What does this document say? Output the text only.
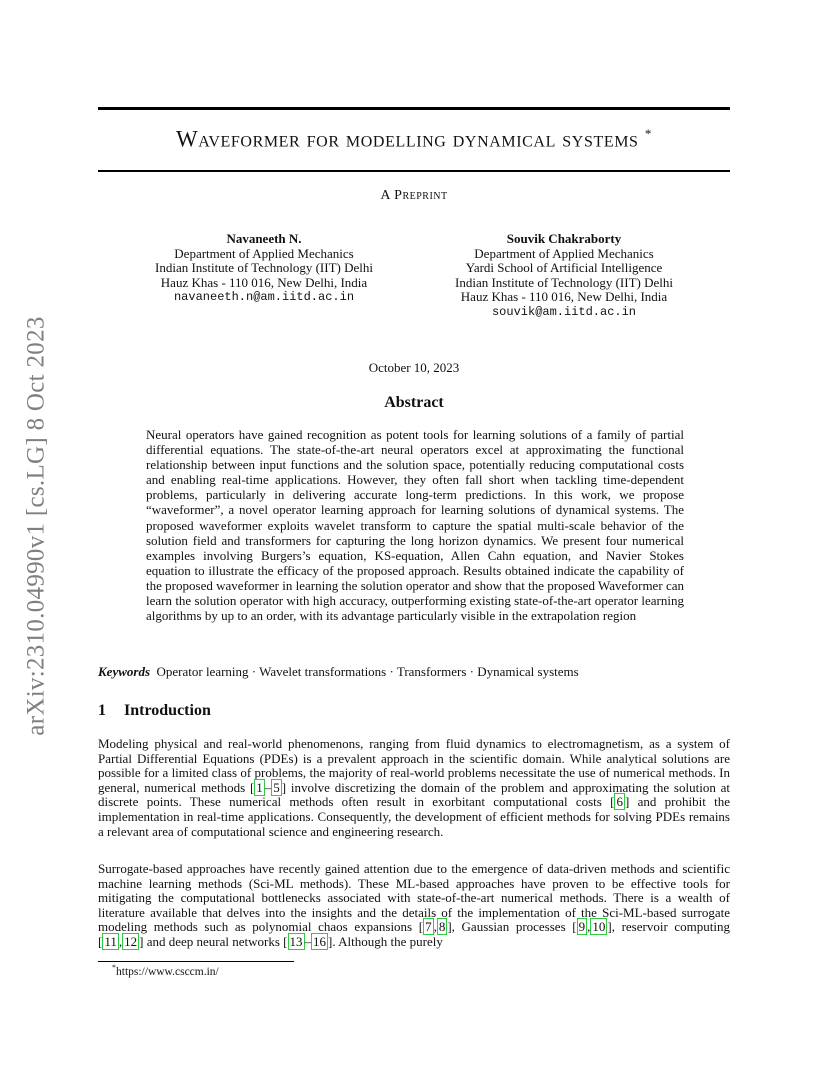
arXiv:2310.04990v1 [cs.LG] 8 Oct 2023
Waveformer for modelling dynamical systems *
A Preprint
Navaneeth N.
Department of Applied Mechanics
Indian Institute of Technology (IIT) Delhi
Hauz Khas - 110 016, New Delhi, India
navaneeth.n@am.iitd.ac.in
Souvik Chakraborty
Department of Applied Mechanics
Yardi School of Artificial Intelligence
Indian Institute of Technology (IIT) Delhi
Hauz Khas - 110 016, New Delhi, India
souvik@am.iitd.ac.in
October 10, 2023
Abstract

Neural operators have gained recognition as potent tools for learning solutions of a family of partial differential equations. The state-of-the-art neural operators excel at approximating the functional relationship between input functions and the solution space, potentially reducing computational costs and enabling real-time applications. However, they often fall short when tackling time-dependent problems, particularly in delivering accurate long-term predictions. In this work, we propose “waveformer”, a novel operator learning approach for learning solutions of dynamical systems. The proposed waveformer exploits wavelet transform to capture the spatial multi-scale behavior of the solution field and transformers for capturing the long horizon dynamics. We present four numerical examples involving Burgers’s equation, KS-equation, Allen Cahn equation, and Navier Stokes equation to illustrate the efficacy of the proposed approach. Results obtained indicate the capability of the proposed waveformer in learning the solution operator and show that the proposed Waveformer can learn the solution operator with high accuracy, outperforming existing state-of-the-art operator learning algorithms by up to an order, with its advantage particularly visible in the extrapolation region

Keywords Operator learning · Wavelet transformations · Transformers · Dynamical systems
1 Introduction

Modeling physical and real-world phenomenons, ranging from fluid dynamics to electromagnetism, as a system of Partial Differential Equations (PDEs) is a prevalent approach in the scientific domain. While analytical solutions are possible for a limited class of problems, the majority of real-world problems necessitate the use of numerical methods. In general, numerical methods [ 1 – 5 ] involve discretizing the domain of the problem and approximating the solution at discrete points. These numerical methods often result in exorbitant computational costs [ 6 ] and prohibit the implementation in real-time applications. Consequently, the development of efficient methods for solving PDEs remains a relevant area of computational science and engineering research.

Surrogate-based approaches have recently gained attention due to the emergence of data-driven methods and scientific machine learning methods (Sci-ML methods). These ML-based approaches have proven to be effective tools for mitigating the computational bottlenecks associated with state-of-the-art numerical methods. There is a wealth of literature available that delves into the insights and the details of the implementation of the Sci-ML-based surrogate modeling methods such as polynomial chaos expansions [ 7 , 8 ], Gaussian processes [ 9 , 10 ], reservoir computing [ 11 , 12 ] and deep neural networks [ 13 – 16 ]. Although the purely

*https://www.csccm.in/
